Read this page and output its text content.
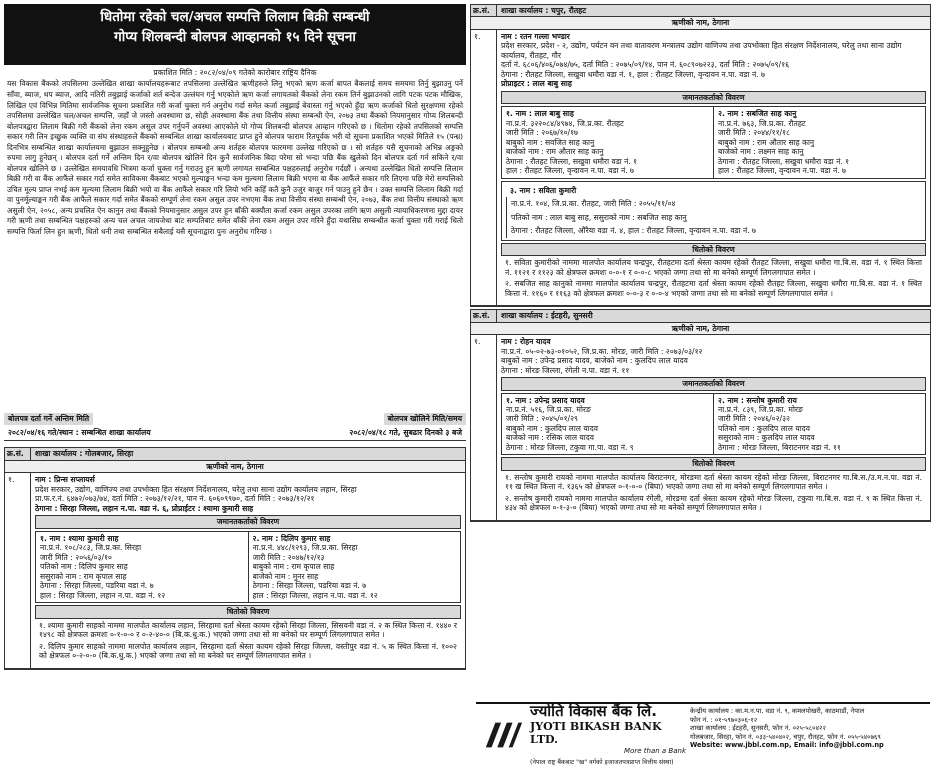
धितोमा रहेको चल/अचल सम्पत्ति लिलाम बिक्री सम्बन्धी
गोप्य शिलबन्दी बोलपत्र आव्हानको १५ दिने सूचना
प्रकाशित मिति : २०८२/०४/०९ गतेको कारोबार राष्ट्रिय दैनिक
यस विकास बैंकको तपसिलमा उल्लेखित शाखा कार्यालयहरूबाट तपसिलमा उल्लेखित ऋणीहरुले लिनु भएको ऋण कर्जा बापत बैकलाई समय समयमा तिर्नु बुझाउनु पर्ने साँवा, ब्याज, थप ब्याज, आदि नतिरी तबुझाई कर्जाको शर्त बन्देज उल्लंघन गर्नु भएकोले ऋण कर्जा लगायतको बैंकको लेना रकम तिर्न बुझाउनको लागि पटक पटक मौखिक, लिखित एवं विभिन्न मितिमा सार्वजनिक सूचना प्रकाशित गरी कर्जा चुक्ता गर्न अनुरोध गर्दा समेत कर्जा तबुझाई बेवास्ता गर्नु भएको हुँदा ऋण कर्जाको धितो सुरक्षणमा रहेको तपसिलमा उल्लेखित चल/अचल सम्पत्ति, जहाँ जे जस्तो अवस्थामा छ, सोही अवस्थामा बैंक तथा वित्तीय संस्था सम्बन्धी ऐन, २०७३ तथा बैंकको नियमानुसार गोप्य शिलबन्दी बोलपत्रद्वारा लिलाम बिक्री गरी बैंकको लेना रकम असुल उपर गर्नुपर्ने अवस्था आएकोले यो गोप्य शिलबन्दी बोलपत्र आव्हान गरिएको छ । धितोमा रहेको तपसिलको सम्पत्ति सकार गरी लिन इच्छुक व्यक्ति वा संघ संस्थाहरुले बैंकको सम्बन्धित शाखा कार्यालयबाट प्राप्त हुने बोलपत्र फाराम रितपूर्वक भरी यो सूचना प्रकाशित भएको मितिले १५ (पन्ध्र) दिनभित्र सम्बन्धित शाखा कार्यालयमा बुझाउन सक्नुहुनेछ । बोलपत्र सम्बन्धी अन्य शर्तहरु बोलपत्र फारममा उल्लेख गरिएको छ । सो शर्तहरु यसै सूचनाको अभिन्न अङ्गको रुपमा लागु हुनेछन् । बोलपत्र दर्ता गर्ने अन्तिम दिन र/वा बोलपत्र खोलिने दिन कुनै सार्वजनिक बिदा परेमा सो भन्दा पछि बैंक खुलेको दिन बोलपत्र दर्ता गर्न सकिने र/वा बोलपत्र खोलिने छ । उल्लेखित समयावधि भित्रमा कर्जा चुक्ता गर्नु गराउनु हुन ऋणी लगायत सम्बन्धित पक्षहरुलाई अनुरोध गर्दछौं । अन्यथा उल्लेखित धितो सम्पत्ति लिलाम बिक्री गरी वा बैंक आफैंले सकार गर्दा समेत साविकमा बैंकबाट भएको मुल्याङ्कन भन्दा कम मुल्यमा लिलाम बिक्री भएमा वा बैंक आफैंले सकार गरि लिएमा पछि मेरो सम्पत्तिको उचित मूल्य प्राप्त नभई कम मूल्यमा लिलाम बिक्री भयो वा बैंक आफैंले सकार गरि लियो भनि कहिँ कतै कुनै उजुर बाजुर गर्न पाउनु हुने छैन । उक्त सम्पत्ति लिलाम बिक्री गर्दा वा पुनर्मूल्याङ्कन गरी बैंक आफैले सकार गर्दा समेत बैंकको सम्पूर्ण लेना रकम असुल उपर नभएमा बैंक तथा वित्तीय संस्था सम्बन्धी ऐन, २०७३, बैंक तथा वित्तीय संस्थाको ऋण असुली ऐन, २०५८, अन्य प्रचलित ऐन कानुन तथा बैंकको नियमानुसार असुल उपर हुन बाँकी बक्यौता कर्जा रकम असुल उपरका लागि ऋण असुली न्यायाधिकरणमा मुद्दा दायर गरी ऋणी तथा सम्बन्धित पक्षहरुको अन्य चल अचल जायजेथा बाट सम्पतिबाट समेत बाँकी लेना रकम असुल उपर गरिने हुँदा यथासिघ्र सम्बन्धीत कर्जा चुक्ता गरी गराई धितो सम्पत्ति फिर्ता लिन हुन ऋणी, धितो धनी तथा सम्बन्धित सबैलाई यसै सूचनाद्वारा पुनः अनुरोध गरिन्छ ।
बोलपत्र दर्ता गर्ने अन्तिम मिति	बोलपत्र खोलिने मिति/समय
२०८२/०४/१६ गते/स्थान : सम्बन्धित शाखा कार्यालय	२०८२/०४/१८ गते, सुबढार दिनको ३ बजे
क्र.सं.	शाखा कार्यालय : गोलबजार, सिरहा
ऋणीको नाम, ठेगाना
१.	नाम : प्रिन्स सप्लायर्स
प्रदेश सरकार, उद्योग, वाणिज्य तथा उपभोक्ता हित संरक्षण निर्देशनालय, घरेलु तथा साना उद्योग कार्यालय लहान, सिरहा
प्रा.फ.र.नं. ६४७२/०७३/७४, दर्ता मिति : २०७३/१२/२१, पान नं. ६०६०९९७०, दर्ता मिति : २०७३/१२/२१
ठेगाना : सिरहा जिल्ला, लहान न.पा. वडा नं. ६, प्रोप्राईटर : श्यामा कुमारी साह
जमानतकर्ताको विवरण
१. नाम : श्यामा कुमारी साह
ना.प्र.नं. १०८/२८३, जि.प्र.का. सिरहा
जारी मिति : २०५६/०३/१०
पतिको नाम : दिलिप कुमार साह
ससुराको नाम : राम कृपाल साह
ठेगाना : सिरहा जिल्ला, पडरिया वडा नं. ७
हाल : सिरहा जिल्ला, लहान न.पा. वडा नं. १२
२. नाम : दिलिप कुमार साह
ना.प्र.नं. ४४८/१२९३, जि.प्र.का. सिरहा
जारी मिति : २०४७/१२/१३
बाबुको नाम : राम कृपाल साह
बाजेको नाम : मुनर साह
ठेगाना : सिरहा जिल्ला, पडरिया वडा नं. ७
हाल : सिरहा जिल्ला, लहान न.पा. वडा नं. १२
धितोको विवरण

१. श्यामा कुमारी साहको नाममा मालपोत कार्यालय लहान, सिरहामा दर्ता श्रेस्ता कायम रहेको सिरहा जिल्ला, सिसवनी वडा नं. २ क स्थित कित्ता नं. १४४० र १४९८ को क्षेत्रफल क्रमशः ०-१-०-० र ०-२-४०-० (बि.क.धु.क.) भएको जग्गा तथा सो मा बनेको घर सम्पूर्ण लिगलगापात समेत ।

२. दिलिप कुमार साहको नाममा मालपोत कार्यालय लहान, सिरहामा दर्ता श्रेस्ता कायम रहेको सिरहा जिल्ला, वस्तीपुर वडा नं. ५ क स्थित कित्ता नं. १००२ को क्षेत्रफल ०-२-०-० (बि.क.धु.क.) भएको जग्गा तथा सो मा बनेको घर सम्पूर्ण लिगलगापात समेत ।

क्र.सं.	शाखा कार्यालय : चपुर, रौतहट
ऋणीको नाम, ठेगाना
१.	नाम : रतन गल्ला भण्डार
प्रदेश सरकार, प्रदेश - २, उद्योग, पर्यटन वन तथा वातावरण मन्त्रालय उद्योग वाणिज्य तथा उपभोक्ता हित संरक्षण निर्देशनालय, घरेलु तथा साना उद्योग कार्यालय, रौतहट, गौर
दर्ता नं. ६८०६/४०६/०७४/७५, दर्ता मिति : २०७५/०९/१४, पान नं. ६०८९०७२२३, दर्ता मिति : २०७५/०९/१६
ठेगाना : रौतहट जिल्ला, सखुवा धमौरा वडा नं. १, हाल : रौतहट जिल्ला, वृन्दावन न.पा. वडा नं. ७
प्रोप्राइटर : लाल बाबु साह
जमानतकर्ताको विवरण
१. नाम : लाल बाबु साह
ना.प्र.नं. ३२२०८४/४९७४, जि.प्र.का. रौतहट
जारी मिति : २०६७/१०/१७
बाबुको नाम : सवजित साह कानु
बाजेको नाम : राम औतार साह कानु
ठेगाना : रौतहट जिल्ला, सखुवा धमौरा वडा नं. १
हाल : रौतहट जिल्ला, वृन्दावन न.पा. वडा नं. ७
२. नाम : सबजित साह कानु
ना.प्र.नं. ७६३, जि.प्र.का. रौतहट
जारी मिति : २०४४/११/१८
बाबुको नाम : राम औतार साह कानु
बाजेको नाम : लक्ष्मन साह कानु
ठेगाना : रौतहट जिल्ला, सखुवा धमौरा वडा नं. १
हाल : रौतहट जिल्ला, वृन्दावन न.पा. वडा नं. ७
३. नाम : सविता कुमारी
ना.प्र.नं. १०४, जि.प्र.का. रौतहट, जारी मिति : २०५५/११/०४
पतिको नाम : लाल बाबु साह, ससुराको नाम : सबजित साह कानु
ठेगाना : रौतहट जिल्ला, औरैया वडा नं. ४, हाल : रौतहट जिल्ला, वृन्दावन न.पा. वडा नं. ७
धितोको विवरण

१. सविता कुमारीको नाममा मालपोत कार्यालय चन्द्रपुर, रौतहटमा दर्ता श्रेस्ता कायम रहेको रौतहट जिल्ला, सखुवा धमौरा गा.बि.स. वडा नं. १ स्थित कित्ता नं. ११२१ र ११२३ को क्षेत्रफल क्रमशः ०-०-१ र ०-०-८ भएको जग्गा तथा सो मा बनेको सम्पूर्ण लिगलगापात समेत ।

२. सबजित साह कानुको नाममा मालपोत कार्यालय चन्द्रपुर, रौतहटमा दर्ता श्रेस्ता कायम रहेको रौतहट जिल्ला, सखुवा धमौरा गा.बि.स. वडा नं. १ स्थित कित्ता नं. ११६० र ११६३ को क्षेत्रफल क्रमशः ०-०-३ र ०-०-४ भएको जग्गा तथा सो मा बनेको सम्पूर्ण लिगलगापात समेत ।

क्र.सं.	शाखा कार्यालय : ईटहरी, सुनसरी
ऋणीको नाम, ठेगाना
१.	नाम : रोहन यादव
ना.प्र.नं. ०५-०२-७३-०१०५२, जि.प्र.का. मोरङ, जारी मिति : २०७३/०३/१२
बाबुको नाम : उपेन्द्र प्रसाद यादव, बाजेको नाम : कुलदिप लाल यादव
ठेगाना : मोरङ जिल्ला, रंगेली न.पा. वडा नं. ११
जमानतकर्ताको विवरण
१. नाम : उपेन्द्र प्रसाद यादव
ना.प्र.नं. ५१६, जि.प्र.का. मोरङ
जारी मिति : २०४५/०१/२९
बाबुको नाम : कुलदिप लाल यादव
बाजेको नाम : रसिक लाल यादव
ठेगाना : मोरङ जिल्ला, टकुवा गा.पा. वडा नं. ९
२. नाम : सन्तोष कुमारी राय
ना.प्र.नं. ८३९, जि.प्र.का. मोरङ
जारी मिति : २०४६/०२/३२
पतिको नाम : कुलदिप लाल यादव
ससुराको नाम : कुलदिप लाल यादव
ठेगाना : मोरङ जिल्ला, बिराटनगर वडा नं. ११
धितोको विवरण

१. सन्तोष कुमारी रायको नाममा मालपोत कार्यालय बिराटनगर, मोरङमा दर्ता श्रेस्ता कायम रहेको मोरङ जिल्ला, बिराटनगर गा.बि.स./उ.म.न.पा. वडा नं. ११ ख स्थित कित्ता नं. १३६५ को क्षेत्रफल ०-१-०-० (बिघा) भएको जग्गा तथा सो मा बनेको सम्पूर्ण लिगलगापात समेत ।

२. सन्तोष कुमारी रायको नाममा मालपोत कार्यालय रंगेली, मोरङमा दर्ता श्रेस्ता कायम रहेको मोरङ जिल्ला, टकुवा गा.बि.स. वडा नं. ९ क स्थित कित्ता नं. ४३४ को क्षेत्रफल ०-१-३-० (बिघा) भएको जग्गा तथा सो मा बनेको सम्पूर्ण लिगलगापात समेत ।

ज्योति विकास बैंक लि.
JYOTI BIKASH BANK LTD.
More than a Bank
(नेपाल राष्ट्र बैंकबाट "ख" वर्गको इजाजतपत्रप्राप्त वित्तीय संस्था)
केन्द्रीय कार्यालय : का.म.न.पा. वडा नं. ९, कमलपोखरी, काठमाडौं, नेपाल
फोन नं. : ०१-५९७०३०६-१२
शाखा कार्यालय : ईटहरी, सुनसरी, फोन नं. ०२५-५८०४२२
गोलबजार, सिरहा, फोन नं. ०३३-५४०४०२, चपुर, रौतहट, फोन नं. ०५५-५४०७६९
Website: www.jbbl.com.np, Email: info@jbbl.com.np
